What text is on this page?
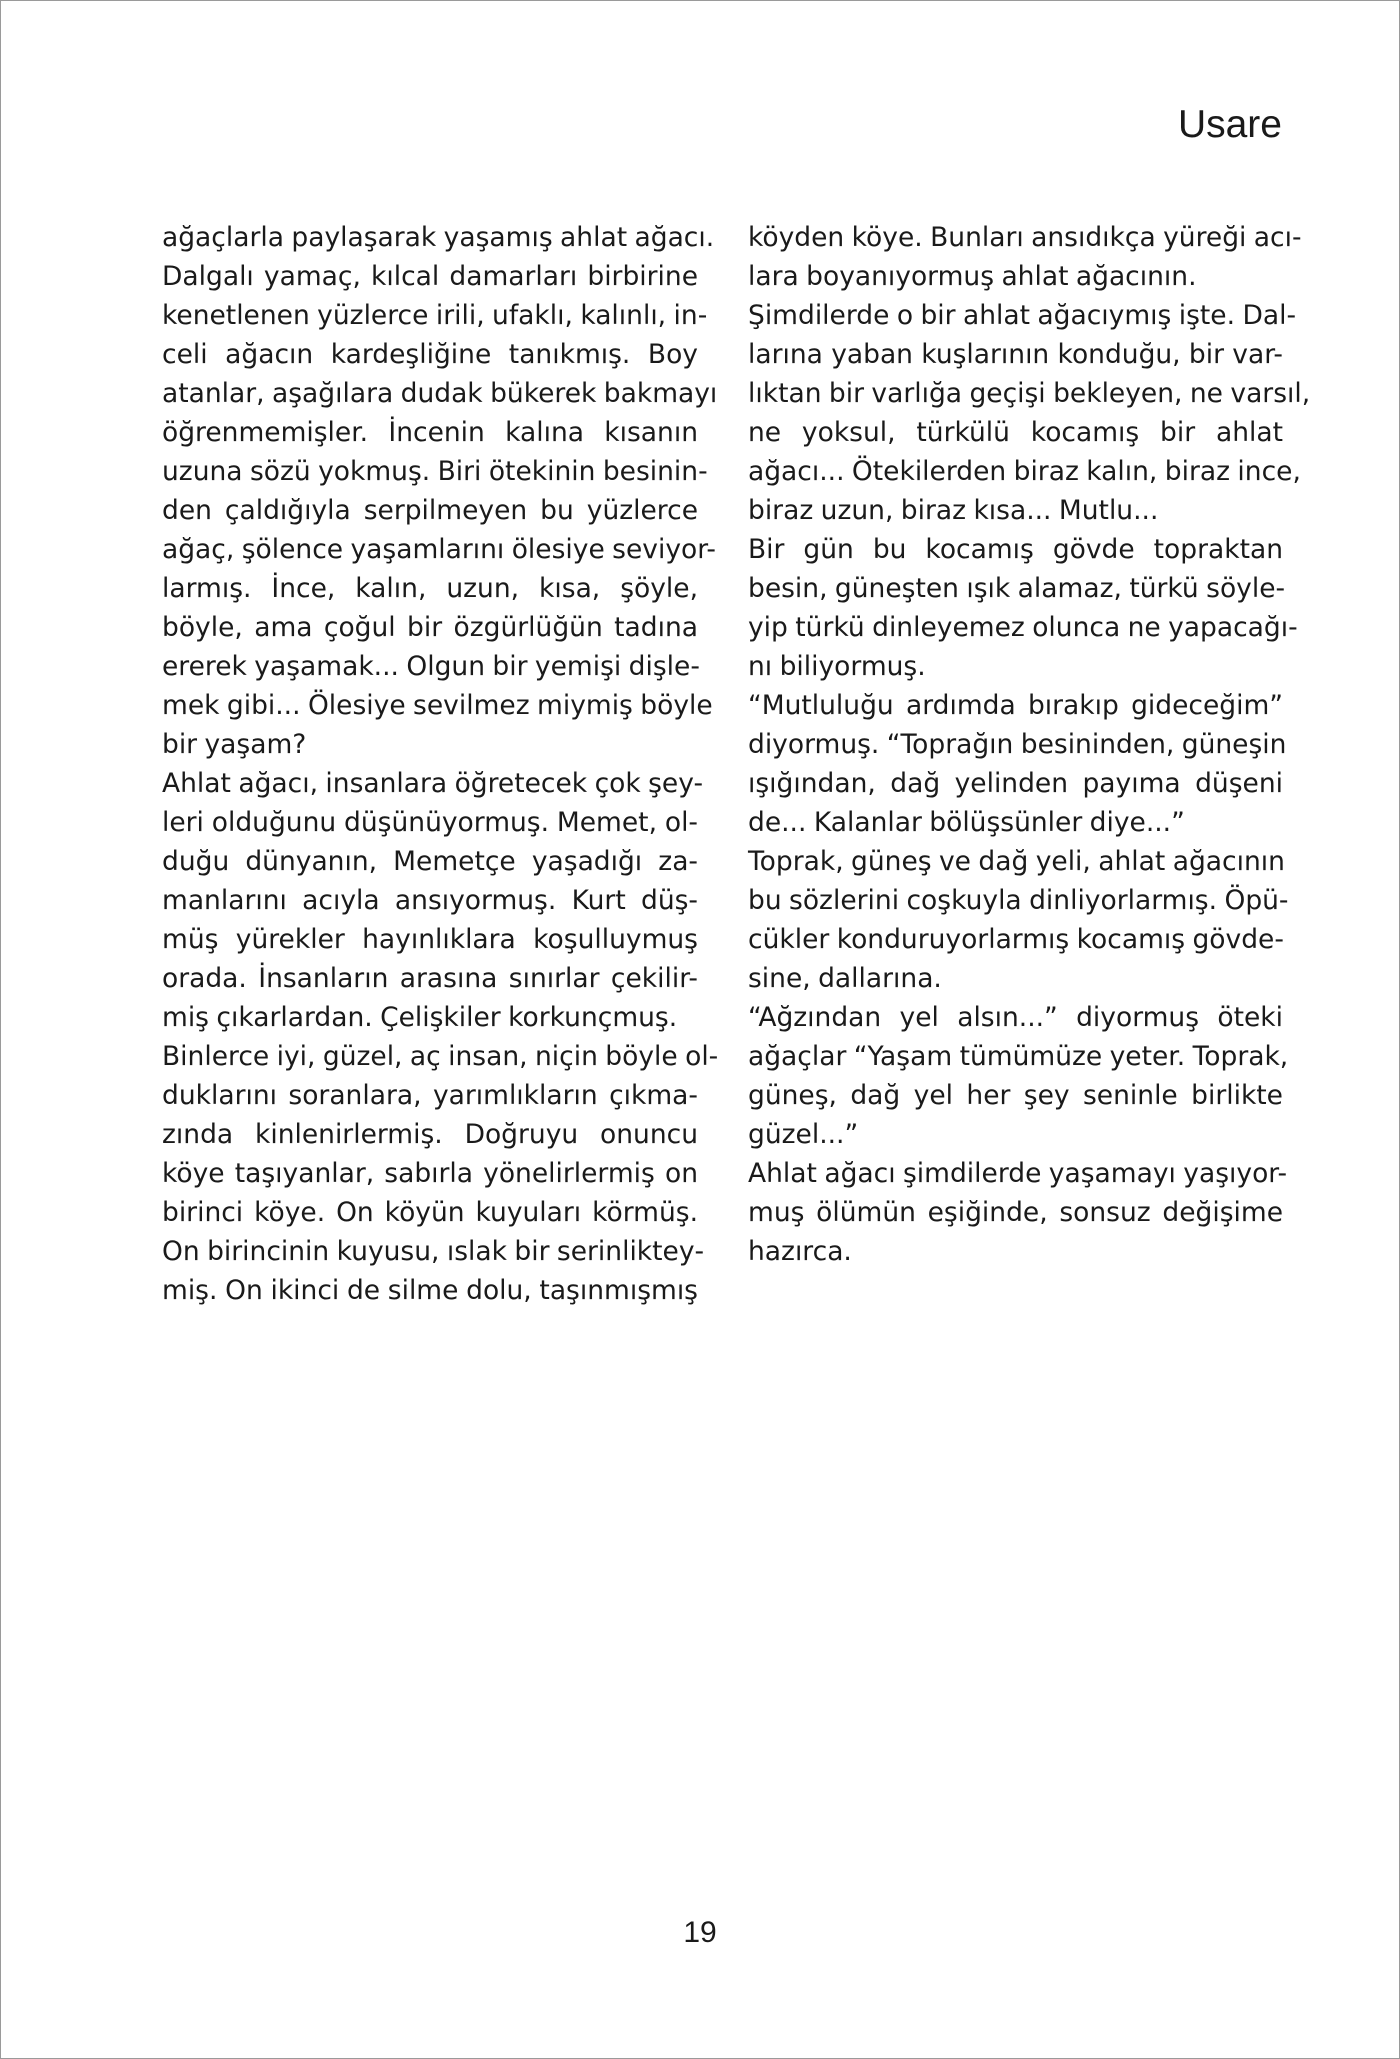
Usare
ağaçlarla paylaşarak yaşamış ahlat ağacı.
Dalgalı yamaç, kılcal damarları birbirine
kenetlenen yüzlerce irili, ufaklı, kalınlı, in-
celi ağacın kardeşliğine tanıkmış. Boy
atanlar, aşağılara dudak bükerek bakmayı
öğrenmemişler. İncenin kalına kısanın
uzuna sözü yokmuş. Biri ötekinin besinin-
den çaldığıyla serpilmeyen bu yüzlerce
ağaç, şölence yaşamlarını ölesiye seviyor-
larmış. İnce, kalın, uzun, kısa, şöyle,
böyle, ama çoğul bir özgürlüğün tadına
ererek yaşamak... Olgun bir yemişi dişle-
mek gibi... Ölesiye sevilmez miymiş böyle
bir yaşam?
Ahlat ağacı, insanlara öğretecek çok şey-
leri olduğunu düşünüyormuş. Memet, ol-
duğu dünyanın, Memetçe yaşadığı za-
manlarını acıyla ansıyormuş. Kurt düş-
müş yürekler hayınlıklara koşulluymuş
orada. İnsanların arasına sınırlar çekilir-
miş çıkarlardan. Çelişkiler korkunçmuş.
Binlerce iyi, güzel, aç insan, niçin böyle ol-
duklarını soranlara, yarımlıkların çıkma-
zında kinlenirlermiş. Doğruyu onuncu
köye taşıyanlar, sabırla yönelirlermiş on
birinci köye. On köyün kuyuları körmüş.
On birincinin kuyusu, ıslak bir serinlikteу-
miş. On ikinci de silme dolu, taşınmışmış
köyden köye. Bunları ansıdıkça yüreği acı-
lara boyanıyormuş ahlat ağacının.
Şimdilerde o bir ahlat ağacıymış işte. Dal-
larına yaban kuşlarının konduğu, bir var-
lıktan bir varlığa geçişi bekleyen, ne varsıl,
ne yoksul, türkülü kocamış bir ahlat
ağacı... Ötekilerden biraz kalın, biraz ince,
biraz uzun, biraz kısa... Mutlu...
Bir gün bu kocamış gövde topraktan
besin, güneşten ışık alamaz, türkü söyle-
yip türkü dinleyemez olunca ne yapacağı-
nı biliyormuş.
“Mutluluğu ardımda bırakıp gideceğim”
diyormuş. “Toprağın besininden, güneşin
ışığından, dağ yelinden payıma düşeni
de... Kalanlar bölüşsünler diye...”
Toprak, güneş ve dağ yeli, ahlat ağacının
bu sözlerini coşkuyla dinliyorlarmış. Öpü-
cükler konduruyorlarmış kocamış gövde-
sine, dallarına.
“Ağzından yel alsın...” diyormuş öteki
ağaçlar “Yaşam tümümüze yeter. Toprak,
güneş, dağ yel her şey seninle birlikte
güzel...”
Ahlat ağacı şimdilerde yaşamayı yaşıyor-
muş ölümün eşiğinde, sonsuz değişime
hazırca.
19
